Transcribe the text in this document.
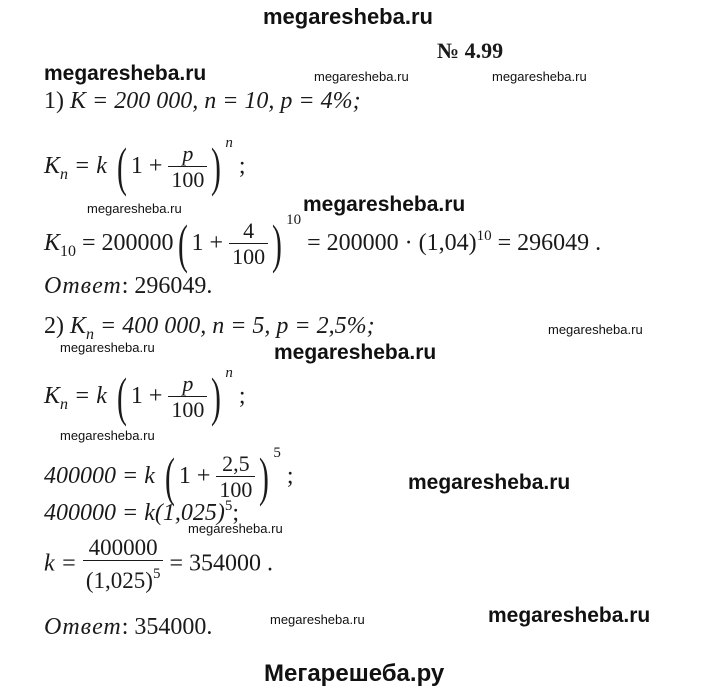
megaresheba.ru
№ 4.99
megaresheba.ru	megaresheba.ru	megaresheba.ru
megaresheba.ru	megaresheba.ru
megaresheba.ru
megaresheba.ru	megaresheba.ru
megaresheba.ru
megaresheba.ru
megaresheba.ru
megaresheba.ru	megaresheba.ru
1) K = 200 000, n = 10, p = 4%;
$K_n = k$ ( $1 + \frac{p}{100}$ ) $^n$ ;
$K_{10} = 200000$( $1 + \frac{4}{100}$ ) $^{10} = 200000 \cdot (1,04)^{10} = 296049$ .
Ответ: 296049.
2) $K_n = 400$ 000, n = 5, p = 2,5%;
$K_n = k$ ( $1 + \frac{p}{100}$ ) $^n$ ;
400000 = k ( $1 + \frac{2,5}{100}$ ) $^5$ ;
$400000 = k(1,025)^5$;
$k = \frac{400000}{(1,025)^5} = 354000$ .
Ответ: 354000.
Мегарешеба.ру
